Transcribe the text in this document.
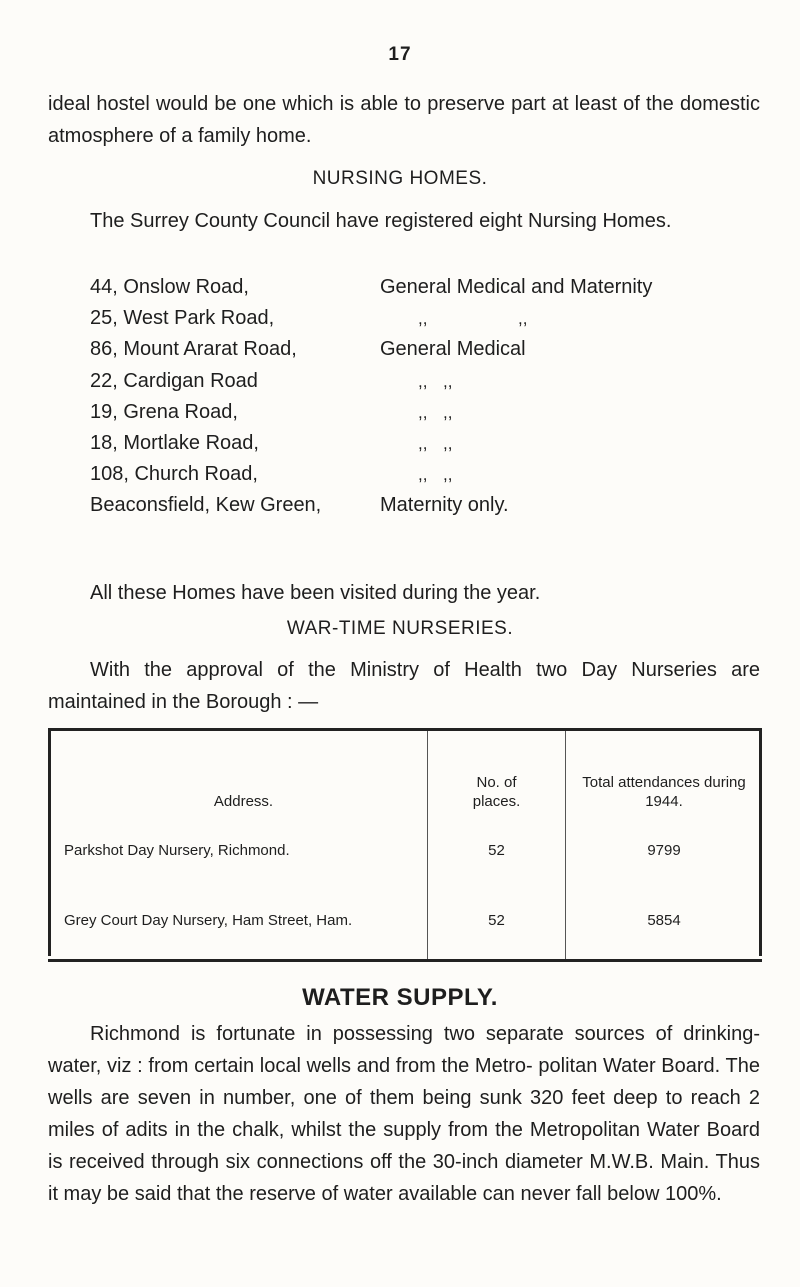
17

ideal hostel would be one which is able to preserve part at least of the domestic atmosphere of a family home.

NURSING HOMES.

The Surrey County Council have registered eight Nursing Homes.

44, Onslow Road,	General Medical and Maternity
25, West Park Road,	,,	,,
86, Mount Ararat Road,	General Medical
22, Cardigan Road	,, ,,
19, Grena Road,	,, ,,
18, Mortlake Road,	,, ,,
108, Church Road,	,, ,,
Beaconsfield, Kew Green,	Maternity only.

All these Homes have been visited during the year.

WAR-TIME NURSERIES.

With the approval of the Ministry of Health two Day Nurseries are maintained in the Borough : —

Address.	No. of places.	Total attendances during 1944.
Parkshot Day Nursery, Richmond.	52	9799

Grey Court Day Nursery, Ham Street, Ham.	52	5854

WATER SUPPLY.

Richmond is fortunate in possessing two separate sources of drinking-water, viz : from certain local wells and from the Metro- politan Water Board. The wells are seven in number, one of them being sunk 320 feet deep to reach 2 miles of adits in the chalk, whilst the supply from the Metropolitan Water Board is received through six connections off the 30-inch diameter M.W.B. Main. Thus it may be said that the reserve of water available can never fall below 100%.
